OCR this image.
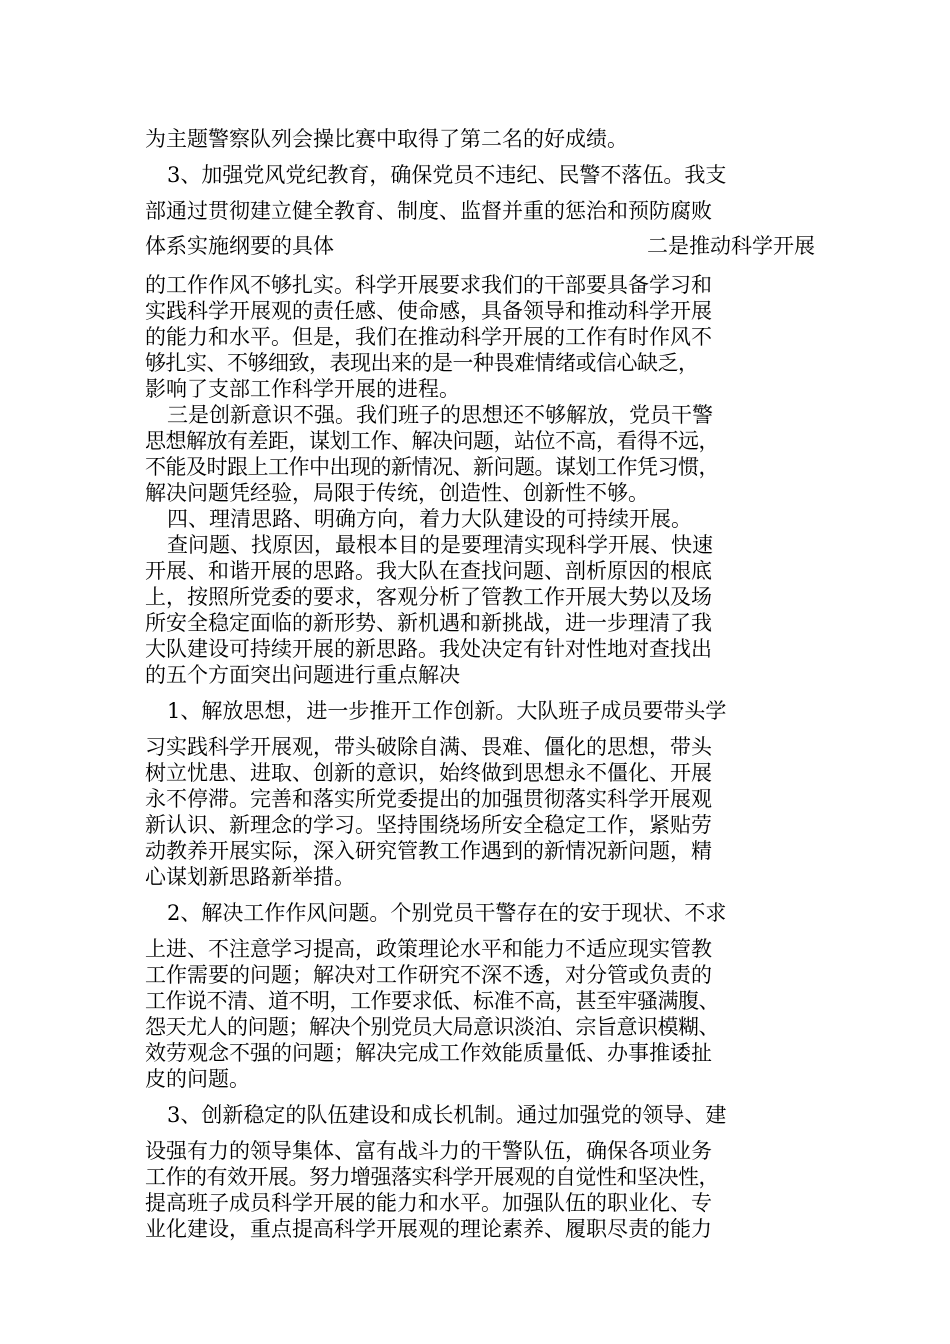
为主题警察队列会操比赛中取得了第二名的好成绩。
3、加强党风党纪教育，确保党员不违纪、民警不落伍。我支
部通过贯彻建立健全教育、制度、监督并重的惩治和预防腐败
体系实施纲要的具体	二是推动科学开展
的工作作风不够扎实。科学开展要求我们的干部要具备学习和
实践科学开展观的责任感、使命感，具备领导和推动科学开展
的能力和水平。但是，我们在推动科学开展的工作有时作风不
够扎实、不够细致，表现出来的是一种畏难情绪或信心缺乏，
影响了支部工作科学开展的进程。
三是创新意识不强。我们班子的思想还不够解放，党员干警
思想解放有差距，谋划工作、解决问题，站位不高，看得不远，
不能及时跟上工作中出现的新情况、新问题。谋划工作凭习惯，
解决问题凭经验，局限于传统，创造性、创新性不够。
四、理清思路、明确方向，着力大队建设的可持续开展。
查问题、找原因，最根本目的是要理清实现科学开展、快速
开展、和谐开展的思路。我大队在查找问题、剖析原因的根底
上，按照所党委的要求，客观分析了管教工作开展大势以及场
所安全稳定面临的新形势、新机遇和新挑战，进一步理清了我
大队建设可持续开展的新思路。我处决定有针对性地对查找出
的五个方面突出问题进行重点解决
1、解放思想，进一步推开工作创新。大队班子成员要带头学
习实践科学开展观，带头破除自满、畏难、僵化的思想，带头
树立忧患、进取、创新的意识，始终做到思想永不僵化、开展
永不停滞。完善和落实所党委提出的加强贯彻落实科学开展观
新认识、新理念的学习。坚持围绕场所安全稳定工作，紧贴劳
动教养开展实际，深入研究管教工作遇到的新情况新问题，精
心谋划新思路新举措。
2、解决工作作风问题。个别党员干警存在的安于现状、不求
上进、不注意学习提高，政策理论水平和能力不适应现实管教
工作需要的问题；解决对工作研究不深不透，对分管或负责的
工作说不清、道不明，工作要求低、标准不高，甚至牢骚满腹、
怨天尤人的问题；解决个别党员大局意识淡泊、宗旨意识模糊、
效劳观念不强的问题；解决完成工作效能质量低、办事推诿扯
皮的问题。
3、创新稳定的队伍建设和成长机制。通过加强党的领导、建
设强有力的领导集体、富有战斗力的干警队伍，确保各项业务
工作的有效开展。努力增强落实科学开展观的自觉性和坚决性，
提高班子成员科学开展的能力和水平。加强队伍的职业化、专
业化建设，重点提高科学开展观的理论素养、履职尽责的能力
